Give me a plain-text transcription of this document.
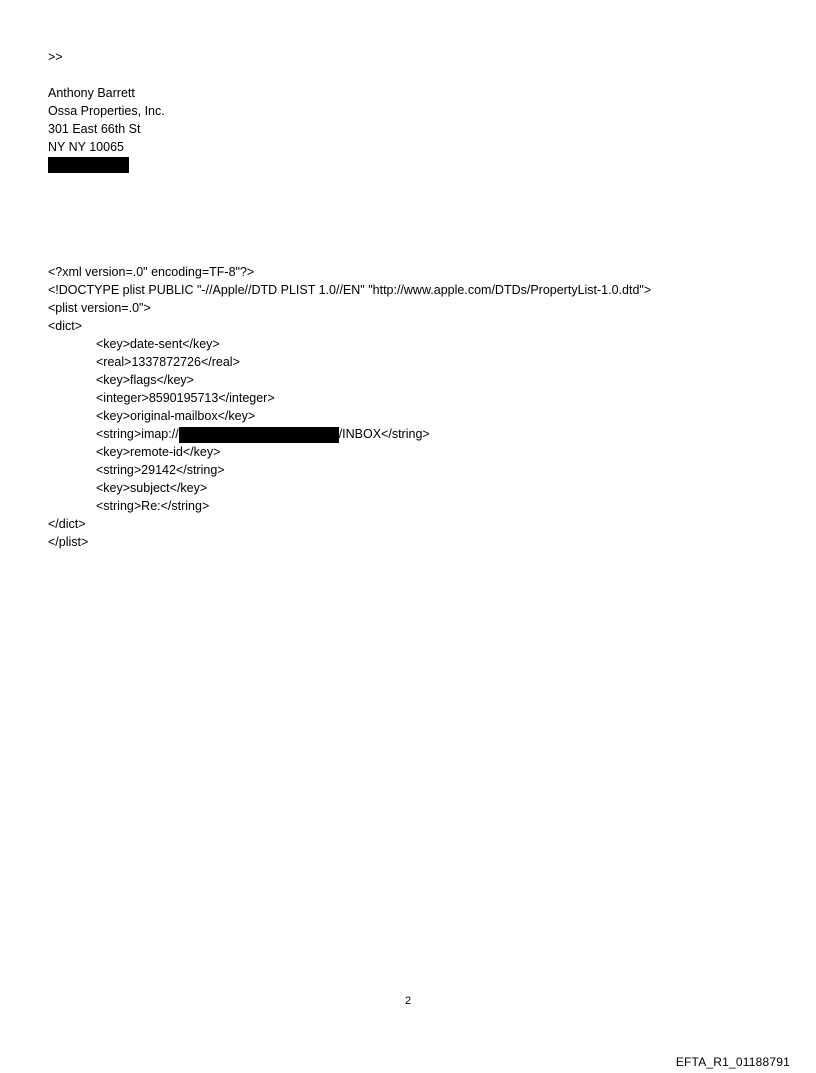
>>
Anthony Barrett
Ossa Properties, Inc.
301 East 66th St
NY NY 10065
<?xml version=.0" encoding=TF-8"?>
<!DOCTYPE plist PUBLIC "-//Apple//DTD PLIST 1.0//EN" "http://www.apple.com/DTDs/PropertyList-1.0.dtd">
<plist version=.0">
<dict>
<key>date-sent</key>
<real>1337872726</real>
<key>flags</key>
<integer>8590195713</integer>
<key>original-mailbox</key>
<string>imap://	/INBOX</string>
<key>remote-id</key>
<string>29142</string>
<key>subject</key>
<string>Re:</string>
</dict>
</plist>
2
EFTA_R1_01188791
